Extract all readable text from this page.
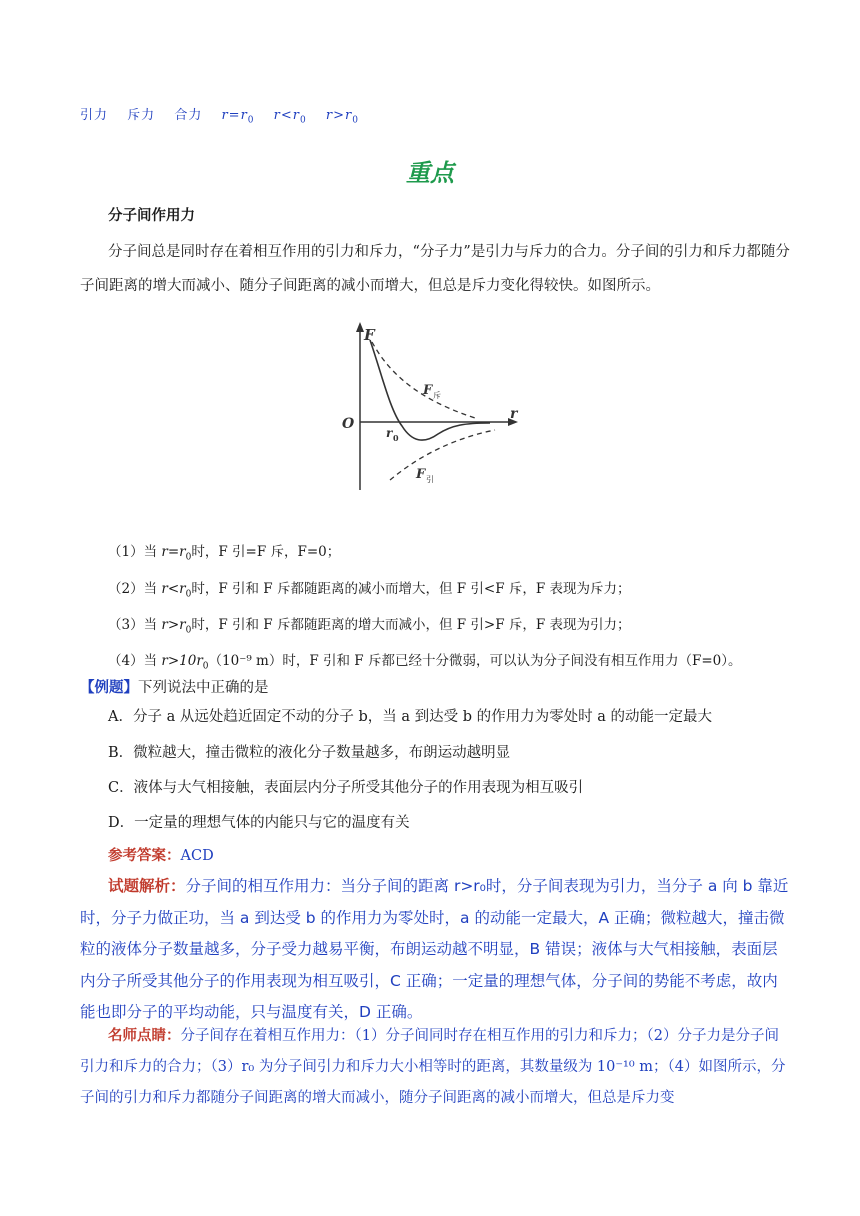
引力 斥力 合力 $r=r_0$ $r<r_0$ $r>r_0$
重点
分子间作用力
分子间总是同时存在着相互作用的引力和斥力，“分子力”是引力与斥力的合力。分子间的引力和斥力都随分子间距离的增大而减小、随分子间距离的减小而增大，但总是斥力变化得较快。如图所示。
F
r
O
r 0
F 斥
F 引
（1）当 $r=r_0$时，F 引=F 斥，F=0；
（2）当 $r<r_0$时，F 引和 F 斥都随距离的减小而增大，但 F 引<F 斥，F 表现为斥力；
（3）当 $r>r_0$时，F 引和 F 斥都随距离的增大而减小，但 F 引>F 斥，F 表现为引力；
（4）当 $r>10r_0(10^{-9}$ m）时，F 引和 F 斥都已经十分微弱，可以认为分子间没有相互作用力（F=0）。
【例题】下列说法中正确的是
A．分子 a 从远处趋近固定不动的分子 b，当 a 到达受 b 的作用力为零处时 a 的动能一定最大
B．微粒越大，撞击微粒的液化分子数量越多，布朗运动越明显
C．液体与大气相接触，表面层内分子所受其他分子的作用表现为相互吸引
D．一定量的理想气体的内能只与它的温度有关
参考答案：ACD
试题解析：分子间的相互作用力：当分子间的距离 r>r₀时，分子间表现为引力，当分子 a 向 b 靠近时，分子力做正功，当 a 到达受 b 的作用力为零处时，a 的动能一定最大，A 正确；微粒越大，撞击微粒的液体分子数量越多，分子受力越易平衡，布朗运动越不明显，B 错误；液体与大气相接触，表面层内分子所受其他分子的作用表现为相互吸引，C 正确；一定量的理想气体，分子间的势能不考虑，故内能也即分子的平均动能，只与温度有关，D 正确。
名师点睛：分子间存在着相互作用力：（1）分子间同时存在相互作用的引力和斥力；（2）分子力是分子间引力和斥力的合力；（3）r₀ 为分子间引力和斥力大小相等时的距离，其数量级为 10⁻¹⁰ m；（4）如图所示，分子间的引力和斥力都随分子间距离的增大而减小，随分子间距离的减小而增大，但总是斥力变
